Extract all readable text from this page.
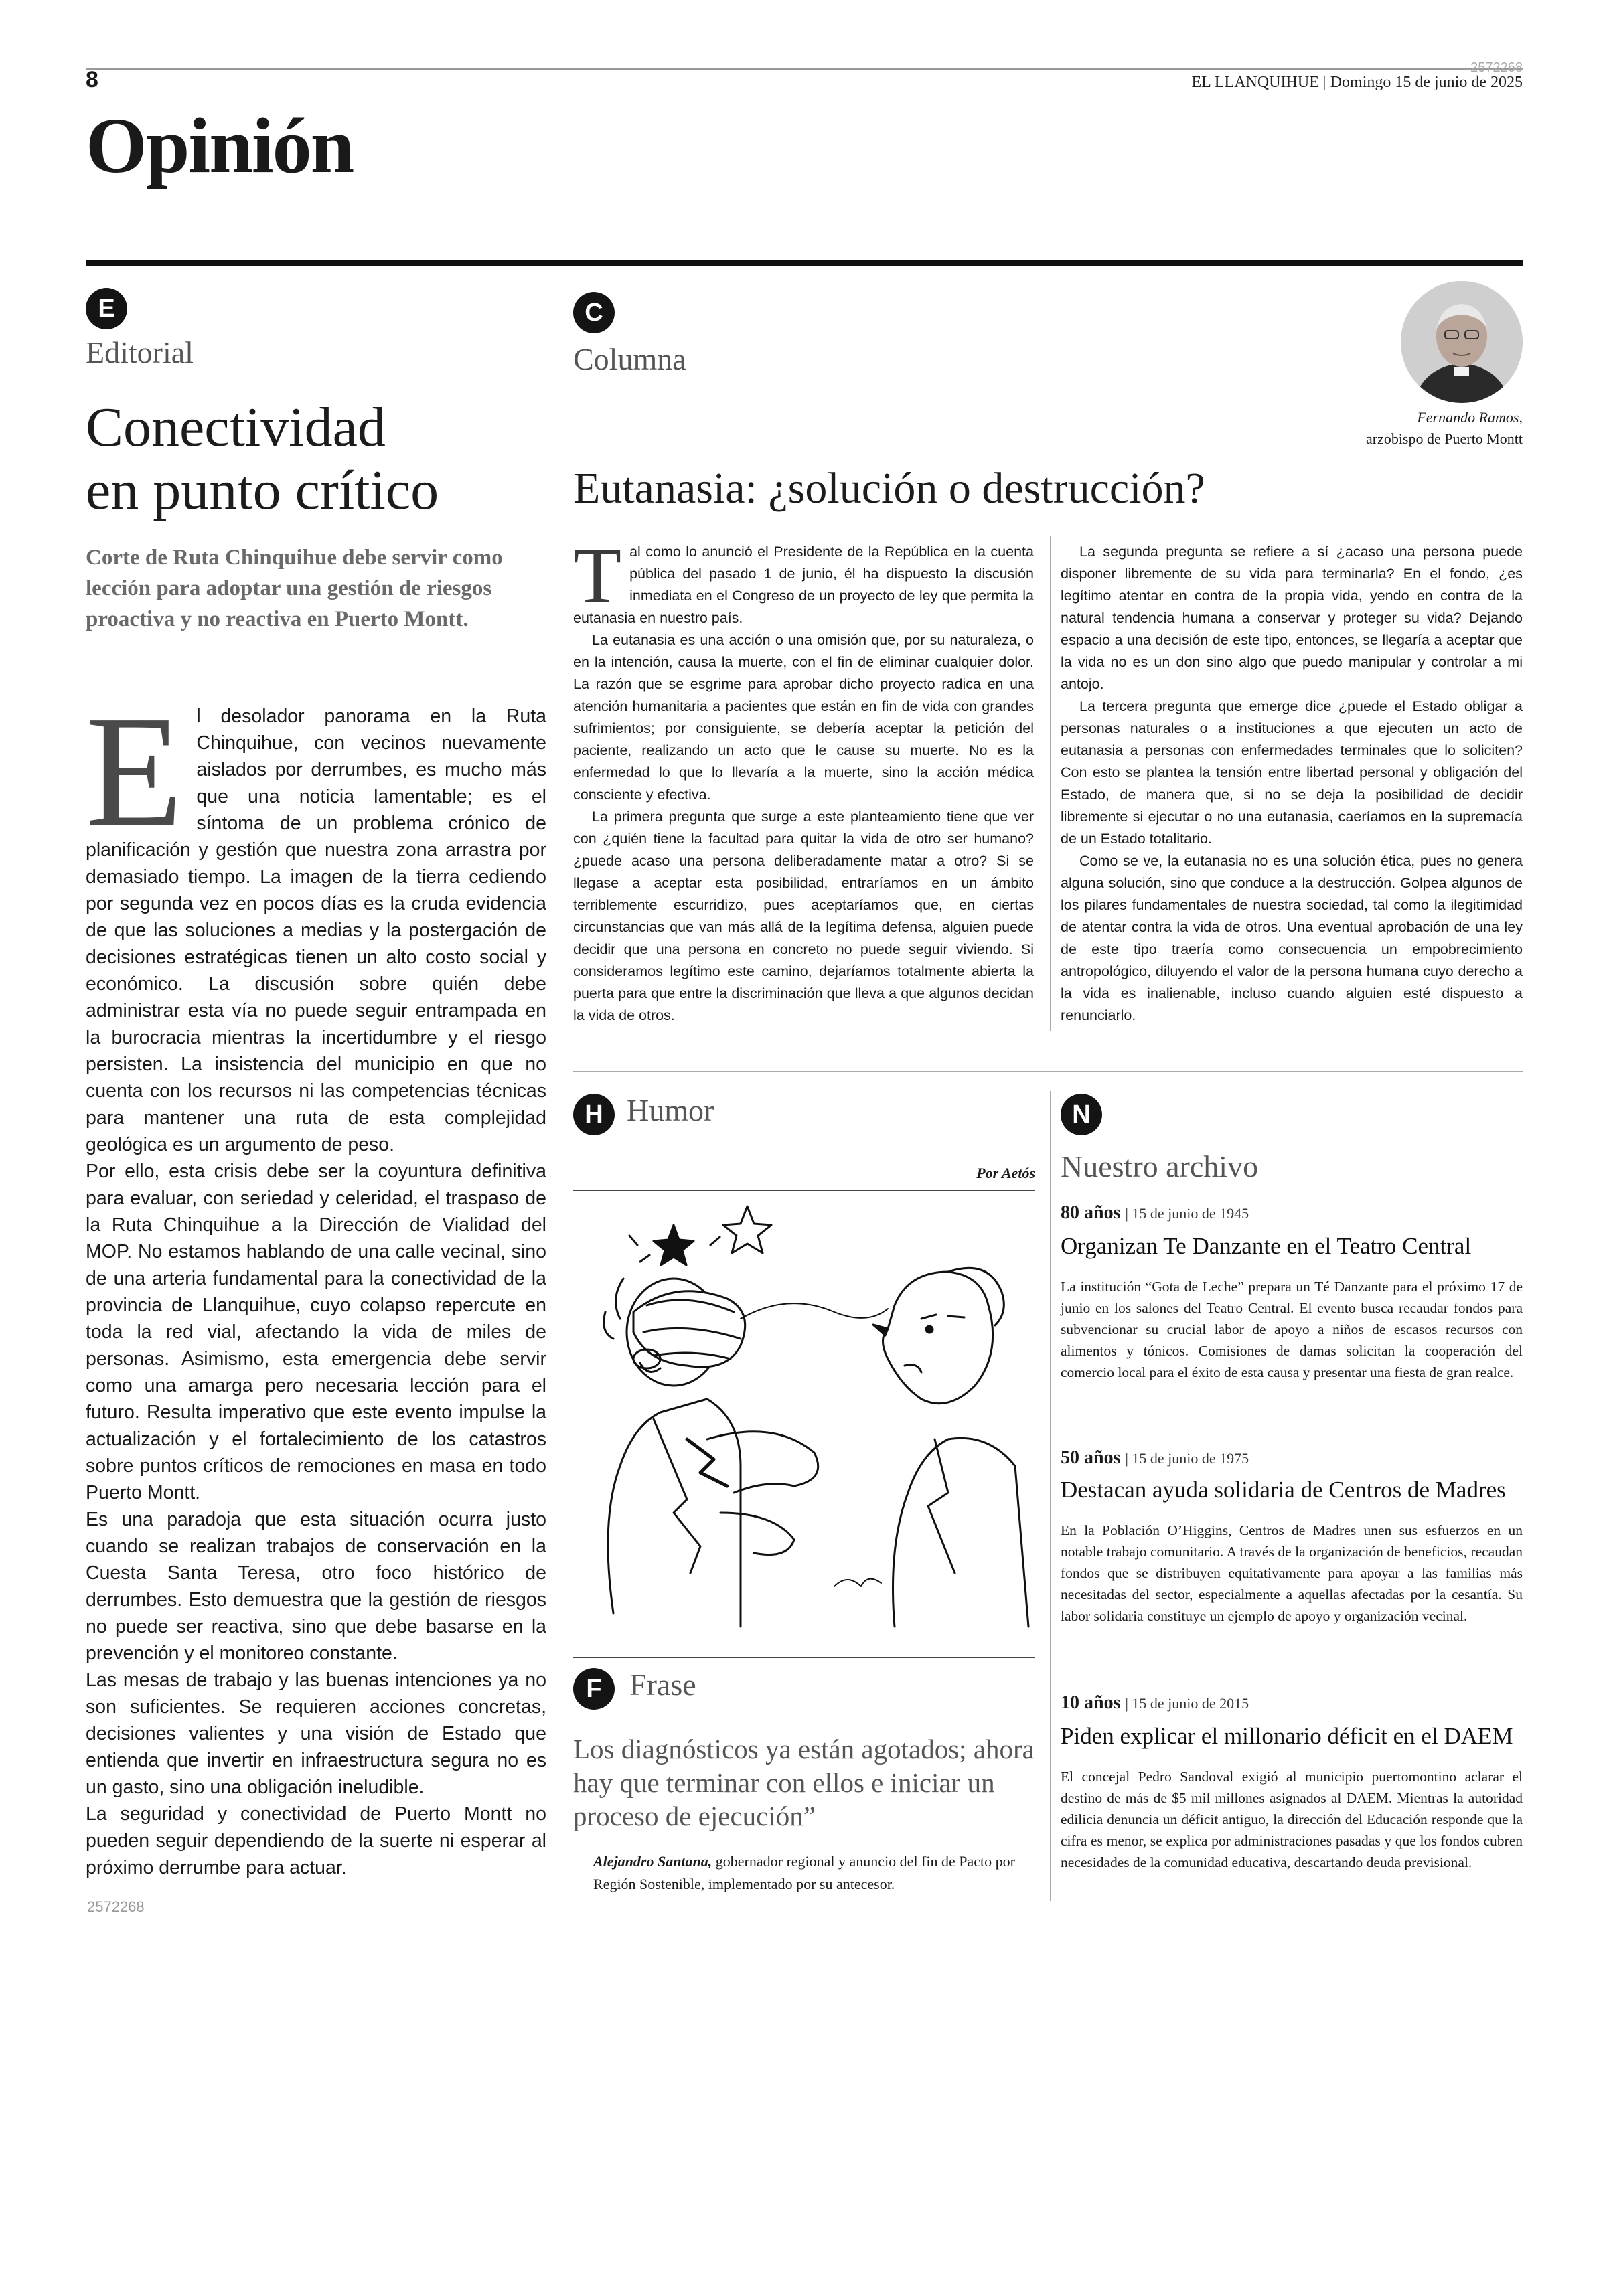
8	2572268
EL LLANQUIHUE | Domingo 15 de junio de 2025
Opinión
E
Editorial
Conectividad
en punto crítico
Corte de Ruta Chinquihue debe servir como lección para adoptar una gestión de riesgos proactiva y no reactiva en Puerto Montt.

El desolador panorama en la Ruta Chinquihue, con vecinos nuevamente aislados por derrumbes, es mucho más que una noticia lamentable; es el síntoma de un problema crónico de planificación y gestión que nuestra zona arrastra por demasiado tiempo. La imagen de la tierra cediendo por segunda vez en pocos días es la cruda evidencia de que las soluciones a medias y la postergación de decisiones estratégicas tienen un alto costo social y económico. La discusión sobre quién debe administrar esta vía no puede seguir entrampada en la burocracia mientras la incertidumbre y el riesgo persisten. La insistencia del municipio en que no cuenta con los recursos ni las competencias técnicas para mantener una ruta de esta complejidad geológica es un argumento de peso.

Por ello, esta crisis debe ser la coyuntura definitiva para evaluar, con seriedad y celeridad, el traspaso de la Ruta Chinquihue a la Dirección de Vialidad del MOP. No estamos hablando de una calle vecinal, sino de una arteria fundamental para la conectividad de la provincia de Llanquihue, cuyo colapso repercute en toda la red vial, afectando la vida de miles de personas. Asimismo, esta emergencia debe servir como una amarga pero necesaria lección para el futuro. Resulta imperativo que este evento impulse la actualización y el fortalecimiento de los catastros sobre puntos críticos de remociones en masa en todo Puerto Montt.

Es una paradoja que esta situación ocurra justo cuando se realizan trabajos de conservación en la Cuesta Santa Teresa, otro foco histórico de derrumbes. Esto demuestra que la gestión de riesgos no puede ser reactiva, sino que debe basarse en la prevención y el monitoreo constante.

Las mesas de trabajo y las buenas intenciones ya no son suficientes. Se requieren acciones concretas, decisiones valientes y una visión de Estado que entienda que invertir en infraestructura segura no es un gasto, sino una obligación ineludible.

La seguridad y conectividad de Puerto Montt no pueden seguir dependiendo de la suerte ni esperar al próximo derrumbe para actuar.

2572268
C
Columna
Fernando Ramos,
arzobispo de Puerto Montt
Eutanasia: ¿solución o destrucción?

Tal como lo anunció el Presidente de la República en la cuenta pública del pasado 1 de junio, él ha dispuesto la discusión inmediata en el Congreso de un proyecto de ley que permita la eutanasia en nuestro país.

La eutanasia es una acción o una omisión que, por su naturaleza, o en la intención, causa la muerte, con el fin de eliminar cualquier dolor. La razón que se esgrime para aprobar dicho proyecto radica en una atención humanitaria a pacientes que están en fin de vida con grandes sufrimientos; por consiguiente, se debería aceptar la petición del paciente, realizando un acto que le cause su muerte. No es la enfermedad lo que lo llevaría a la muerte, sino la acción médica consciente y efectiva.

La primera pregunta que surge a este planteamiento tiene que ver con ¿quién tiene la facultad para quitar la vida de otro ser humano? ¿puede acaso una persona deliberadamente matar a otro? Si se llegase a aceptar esta posibilidad, entraríamos en un ámbito terriblemente escurridizo, pues aceptaríamos que, en ciertas circunstancias que van más allá de la legítima defensa, alguien puede decidir que una persona en concreto no puede seguir viviendo. Si consideramos legítimo este camino, dejaríamos totalmente abierta la puerta para que entre la discriminación que lleva a que algunos decidan la vida de otros.

La segunda pregunta se refiere a sí ¿acaso una persona puede disponer libremente de su vida para terminarla? En el fondo, ¿es legítimo atentar en contra de la propia vida, yendo en contra de la natural tendencia humana a conservar y proteger su vida? Dejando espacio a una decisión de este tipo, entonces, se llegaría a aceptar que la vida no es un don sino algo que puedo manipular y controlar a mi antojo.

La tercera pregunta que emerge dice ¿puede el Estado obligar a personas naturales o a instituciones a que ejecuten un acto de eutanasia a personas con enfermedades terminales que lo soliciten? Con esto se plantea la tensión entre libertad personal y obligación del Estado, de manera que, si no se deja la posibilidad de decidir libremente si ejecutar o no una eutanasia, caeríamos en la supremacía de un Estado totalitario.

Como se ve, la eutanasia no es una solución ética, pues no genera alguna solución, sino que conduce a la destrucción. Golpea algunos de los pilares fundamentales de nuestra sociedad, tal como la ilegitimidad de atentar contra la vida de otros. Una eventual aprobación de una ley de este tipo traería como consecuencia un empobrecimiento antropológico, diluyendo el valor de la persona humana cuyo derecho a la vida es inalienable, incluso cuando alguien esté dispuesto a renunciarlo.

H Humor
Por Aetós
F Frase
Los diagnósticos ya están agotados; ahora hay que terminar con ellos e iniciar un proceso de ejecución”
Alejandro Santana, gobernador regional y anuncio del fin de Pacto por Región Sostenible, implementado por su antecesor.
N
Nuestro archivo
80 años | 15 de junio de 1945
Organizan Te Danzante en el Teatro Central
La institución “Gota de Leche” prepara un Té Danzante para el próximo 17 de junio en los salones del Teatro Central. El evento busca recaudar fondos para subvencionar su crucial labor de apoyo a niños de escasos recursos con alimentos y tónicos. Comisiones de damas solicitan la cooperación del comercio local para el éxito de esta causa y presentar una fiesta de gran realce.
50 años | 15 de junio de 1975
Destacan ayuda solidaria de Centros de Madres
En la Población O’Higgins, Centros de Madres unen sus esfuerzos en un notable trabajo comunitario. A través de la organización de beneficios, recaudan fondos que se distribuyen equitativamente para apoyar a las familias más necesitadas del sector, especialmente a aquellas afectadas por la cesantía. Su labor solidaria constituye un ejemplo de apoyo y organización vecinal.
10 años | 15 de junio de 2015
Piden explicar el millonario déficit en el DAEM
El concejal Pedro Sandoval exigió al municipio puertomontino aclarar el destino de más de $5 mil millones asignados al DAEM. Mientras la autoridad edilicia denuncia un déficit antiguo, la dirección del Educación responde que la cifra es menor, se explica por administraciones pasadas y que los fondos cubren necesidades de la comunidad educativa, descartando deuda previsional.
